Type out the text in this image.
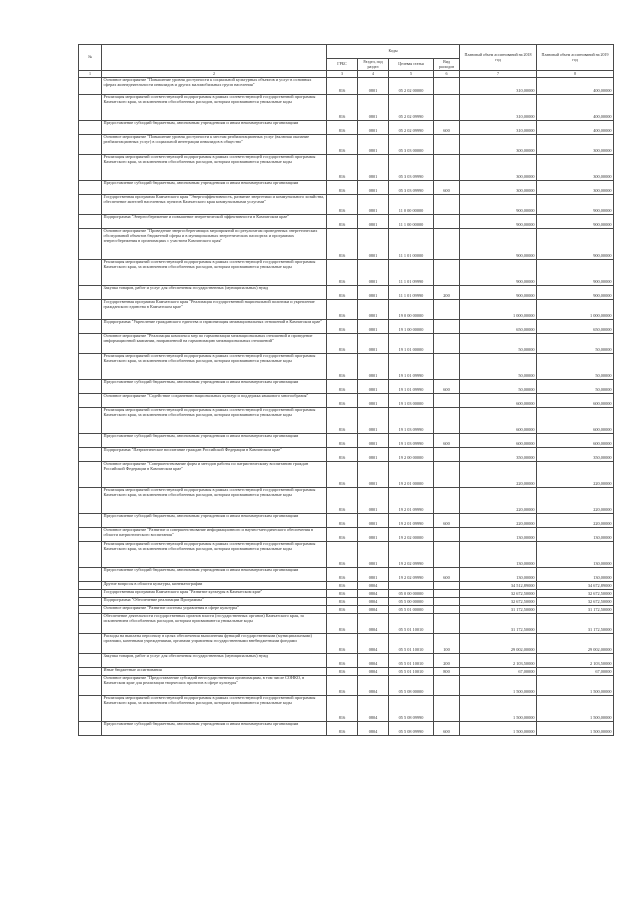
№		Коды				Плановый объем ассигнований на 2018 год	Плановый объем ассигнований на 2019 год
		ГРБС	Раздел, под раздел	Целевая статья	Вид расходов		
1	2	3	4	5	6	7	8
	Основное мероприятие "Повышение уровня доступности к социальной культурных объектов и услуг в основных сферах жизнедеятельности инвалидов и других маломобильных групп населения"	816	0801	05 2 02 00000		310,00000	400,00000
	Реализация мероприятий соответствующей подпрограммы в рамках соответствующей государственной программы Камчатского края, за исключением обособленных расходов, которым присваиваются уникальные коды	816	0801	05 2 02 09990		310,00000	400,00000
	Предоставление субсидий бюджетным, автономным учреждениям и иным некоммерческим организациям	816	0801	05 2 02 09990	600	310,00000	400,00000
	Основное мероприятие "Повышение уровня доступности к местам реабилитационных услуг (включая оказание реабилитационных услуг) в социальной интеграции инвалидов в общество"	816	0801	05 3 03 00000		300,00000	300,00000
	Реализация мероприятий соответствующей подпрограммы в рамках соответствующей государственной программы Камчатского края, за исключением обособленных расходов, которым присваиваются уникальные коды	816	0801	05 3 03 09990		300,00000	300,00000
	Предоставление субсидий бюджетным, автономным учреждениям и иным некоммерческим организациям	816	0801	05 3 03 09990	600	300,00000	300,00000
	Государственная программа Камчатского края "Энергоэффективность, развитие энергетики и коммунального хозяйства, обеспечение жителей населенных пунктов Камчатского края коммунальными услугами"	816	0801	11 0 00 00000		900,00000	900,00000
	Подпрограмма "Энергосбережение и повышение энергетической эффективности в Камчатском крае"	816	0801	11 1 00 00000		900,00000	900,00000
	Основное мероприятие "Проведение энергосберегающих мероприятий по результатам проведенных энергетических обследований объектов бюджетной сферы и в муниципальных энергетических паспортах и программах энергосбережения в организациях с участием Камчатского края"	816	0801	11 1 01 00000		900,00000	900,00000
	Реализация мероприятий соответствующей подпрограммы в рамках соответствующей государственной программы Камчатского края, за исключением обособленных расходов, которым присваиваются уникальные коды	816	0801	11 1 01 09990		900,00000	900,00000
	Закупка товаров, работ и услуг для обеспечения государственных (муниципальных) нужд	816	0801	11 1 01 09990	200	900,00000	900,00000
	Государственная программа Камчатского края "Реализация государственной национальной политики и укрепление гражданского единства в Камчатском крае"	816	0801	19 0 00 00000		1 000,00000	1 000,00000
	Подпрограмма "Укрепление гражданского единства и гармонизация межнациональных отношений в Камчатском крае"	816	0801	19 1 00 00000		650,00000	650,00000
	Основное мероприятие "Реализация комплекса мер по гармонизации межнациональных отношений и проведение информационной кампании, направленной на гармонизацию межнациональных отношений"	816	0801	19 1 01 00000		50,00000	50,00000
	Реализация мероприятий соответствующей подпрограммы в рамках соответствующей государственной программы Камчатского края, за исключением обособленных расходов, которым присваиваются уникальные коды	816	0801	19 1 01 09990		50,00000	50,00000
	Предоставление субсидий бюджетным, автономным учреждениям и иным некоммерческим организациям	816	0801	19 1 01 09990	600	50,00000	50,00000
	Основное мероприятие "Содействие сохранению национальных культур и поддержка языкового многообразия"	816	0801	19 1 03 00000		600,00000	600,00000
	Реализация мероприятий соответствующей подпрограммы в рамках соответствующей государственной программы Камчатского края, за исключением обособленных расходов, которым присваиваются уникальные коды	816	0801	19 1 03 09990		600,00000	600,00000
	Предоставление субсидий бюджетным, автономным учреждениям и иным некоммерческим организациям	816	0801	19 1 03 09990	600	600,00000	600,00000
	Подпрограмма "Патриотическое воспитание граждан Российской Федерации в Камчатском крае"	816	0801	19 2 00 00000		350,00000	350,00000
	Основное мероприятие "Совершенствование форм и методов работы по патриотическому воспитанию граждан Российской Федерации в Камчатском крае"	816	0801	19 2 01 00000		220,00000	220,00000
	Реализация мероприятий соответствующей подпрограммы в рамках соответствующей государственной программы Камчатского края, за исключением обособленных расходов, которым присваиваются уникальные коды	816	0801	19 2 01 09990		220,00000	220,00000
	Предоставление субсидий бюджетным, автономным учреждениям и иным некоммерческим организациям	816	0801	19 2 01 09990	600	220,00000	220,00000
	Основное мероприятие "Развитие и совершенствование информационного и научно-методического обеспечения в области патриотического воспитания"	816	0801	19 2 02 00000		130,00000	130,00000
	Реализация мероприятий соответствующей подпрограммы в рамках соответствующей государственной программы Камчатского края, за исключением обособленных расходов, которым присваиваются уникальные коды	816	0801	19 2 02 09990		130,00000	130,00000
	Предоставление субсидий бюджетным, автономным учреждениям и иным некоммерческим организациям	816	0801	19 2 02 09990	600	130,00000	130,00000
	Другие вопросы в области культуры, кинематографии	816	0804			34 512,89000	34 672,89000
	Государственная программа Камчатского края "Развитие культуры в Камчатском крае"	816	0804	05 0 00 00000		32 672,50000	32 672,50000
	Подпрограмма "Обеспечение реализации Программы"	816	0804	05 5 00 00000		32 672,50000	32 672,50000
	Основное мероприятие "Развитие системы управления в сфере культуры"	816	0804	05 5 01 00000		31 172,50000	31 172,50000
	Обеспечение деятельности государственных органов власти (государственных органов) Камчатского края, за исключением обособленных расходов, которым присваиваются уникальные коды	816	0804	05 5 01 10010		31 172,50000	31 172,50000
	Расходы на выплаты персоналу в целях обеспечения выполнения функций государственными (муниципальными) органами, казенными учреждениями, органами управления государственными внебюджетными фондами	816	0804	05 5 01 10010	100	29 002,00000	29 002,00000
	Закупка товаров, работ и услуг для обеспечения государственных (муниципальных) нужд	816	0804	05 5 01 10010	200	2 103,50000	2 103,50000
	Иные бюджетные ассигнования	816	0804	05 5 01 10010	800	67,00000	67,00000
	Основное мероприятие "Предоставление субсидий негосударственным организациям, в том числе СОНКО, в Камчатском крае для реализации творческих проектов в сфере культуры"	816	0804	05 5 08 00000		1 500,00000	1 500,00000
	Реализация мероприятий соответствующей подпрограммы в рамках соответствующей государственной программы Камчатского края, за исключением обособленных расходов, которым присваиваются уникальные коды	816	0804	05 5 08 09990		1 500,00000	1 500,00000
	Предоставление субсидий бюджетным, автономным учреждениям и иным некоммерческим организациям	816	0804	05 5 08 09990	600	1 500,00000	1 500,00000
